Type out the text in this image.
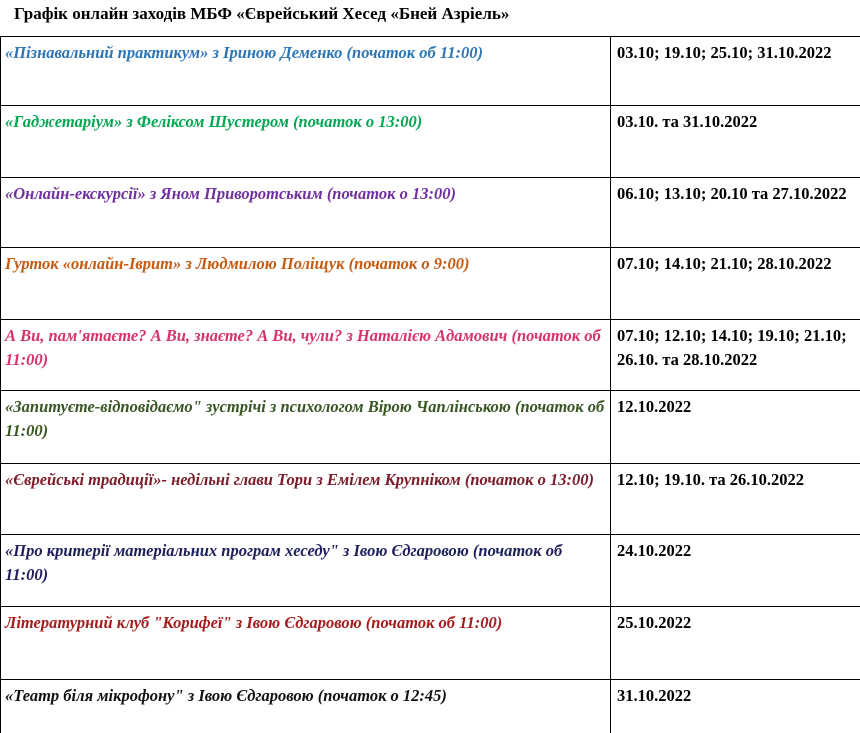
Графік онлайн заходів МБФ «Єврейський Хесед «Бней Азріель»
«Пізнавальний практикум» з Іриною Деменко (початок об 11:00)	03.10; 19.10; 25.10; 31.10.2022
«Гаджетаріум» з Феліксом Шустером (початок о 13:00)	03.10. та 31.10.2022
«Онлайн-екскурсії» з Яном Приворотським (початок о 13:00)	06.10; 13.10; 20.10 та 27.10.2022
Гурток «онлайн-Іврит» з Людмилою Поліщук (початок о 9:00)	07.10; 14.10; 21.10; 28.10.2022
А Ви, пам'ятаєте? А Ви, знаєте? А Ви, чули? з Наталією Адамович (початок об 11:00)	07.10; 12.10; 14.10; 19.10; 21.10; 26.10. та 28.10.2022
«Запитуєте-відповідаємо" зустрічі з психологом Вірою Чаплінською (початок об 11:00)	12.10.2022
«Єврейські традиції»- недільні глави Тори з Емілем Крупніком (початок о 13:00)	12.10; 19.10. та 26.10.2022
«Про критерії матеріальних програм хеседу" з Івою Єдгаровою (початок об 11:00)	24.10.2022
Літературний клуб "Корифеї" з Івою Єдгаровою (початок об 11:00)	25.10.2022
«Театр біля мікрофону" з Івою Єдгаровою (початок о 12:45)	31.10.2022
